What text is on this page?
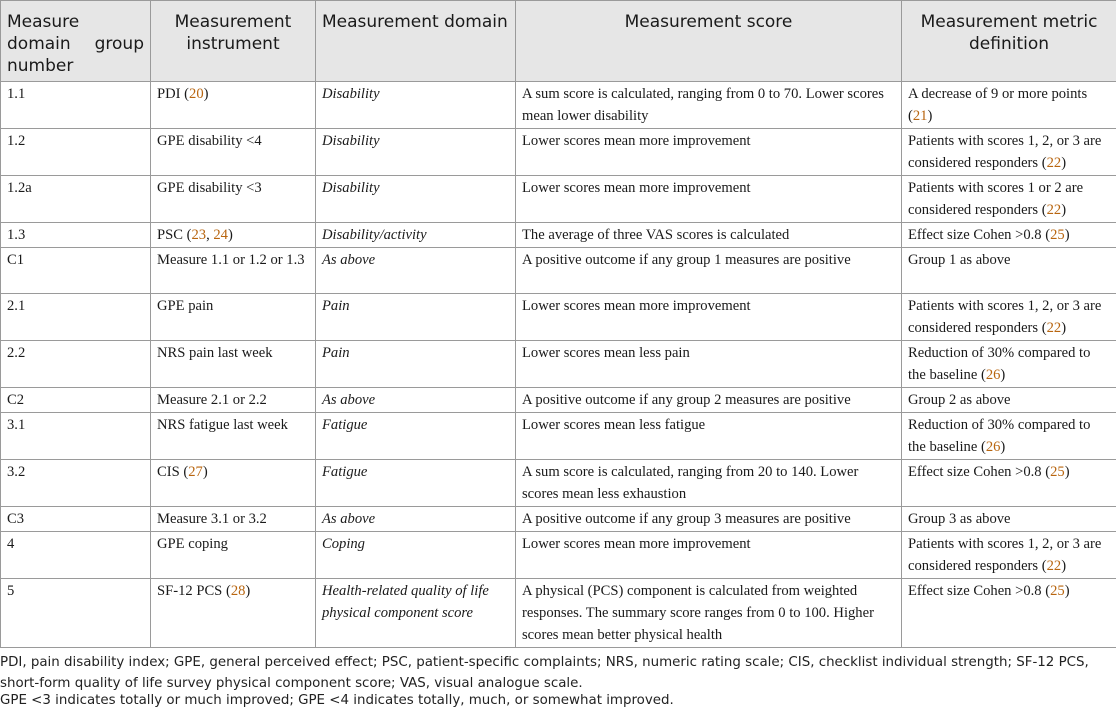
Measure domain group number	Measurement instrument	Measurement domain	Measurement score	Measurement metric definition
1.1	PDI (20)	Disability	A sum score is calculated, ranging from 0 to 70. Lower scores mean lower disability	A decrease of 9 or more points (21)
1.2	GPE disability <4	Disability	Lower scores mean more improvement	Patients with scores 1, 2, or 3 are considered responders (22)
1.2a	GPE disability <3	Disability	Lower scores mean more improvement	Patients with scores 1 or 2 are considered responders (22)
1.3	PSC (23, 24)	Disability/activity	The average of three VAS scores is calculated	Effect size Cohen >0.8 (25)
C1	Measure 1.1 or 1.2 or 1.3	As above	A positive outcome if any group 1 measures are positive	Group 1 as above
2.1	GPE pain	Pain	Lower scores mean more improvement	Patients with scores 1, 2, or 3 are considered responders (22)
2.2	NRS pain last week	Pain	Lower scores mean less pain	Reduction of 30% compared to the baseline (26)
C2	Measure 2.1 or 2.2	As above	A positive outcome if any group 2 measures are positive	Group 2 as above
3.1	NRS fatigue last week	Fatigue	Lower scores mean less fatigue	Reduction of 30% compared to the baseline (26)
3.2	CIS (27)	Fatigue	A sum score is calculated, ranging from 20 to 140. Lower scores mean less exhaustion	Effect size Cohen >0.8 (25)
C3	Measure 3.1 or 3.2	As above	A positive outcome if any group 3 measures are positive	Group 3 as above
4	GPE coping	Coping	Lower scores mean more improvement	Patients with scores 1, 2, or 3 are considered responders (22)
5	SF-12 PCS (28)	Health-related quality of life physical component score	A physical (PCS) component is calculated from weighted responses. The summary score ranges from 0 to 100. Higher scores mean better physical health	Effect size Cohen >0.8 (25)
PDI, pain disability index; GPE, general perceived effect; PSC, patient-specific complaints; NRS, numeric rating scale; CIS, checklist individual strength; SF-12 PCS, short-form quality of life survey physical component score; VAS, visual analogue scale.
GPE <3 indicates totally or much improved; GPE <4 indicates totally, much, or somewhat improved.
